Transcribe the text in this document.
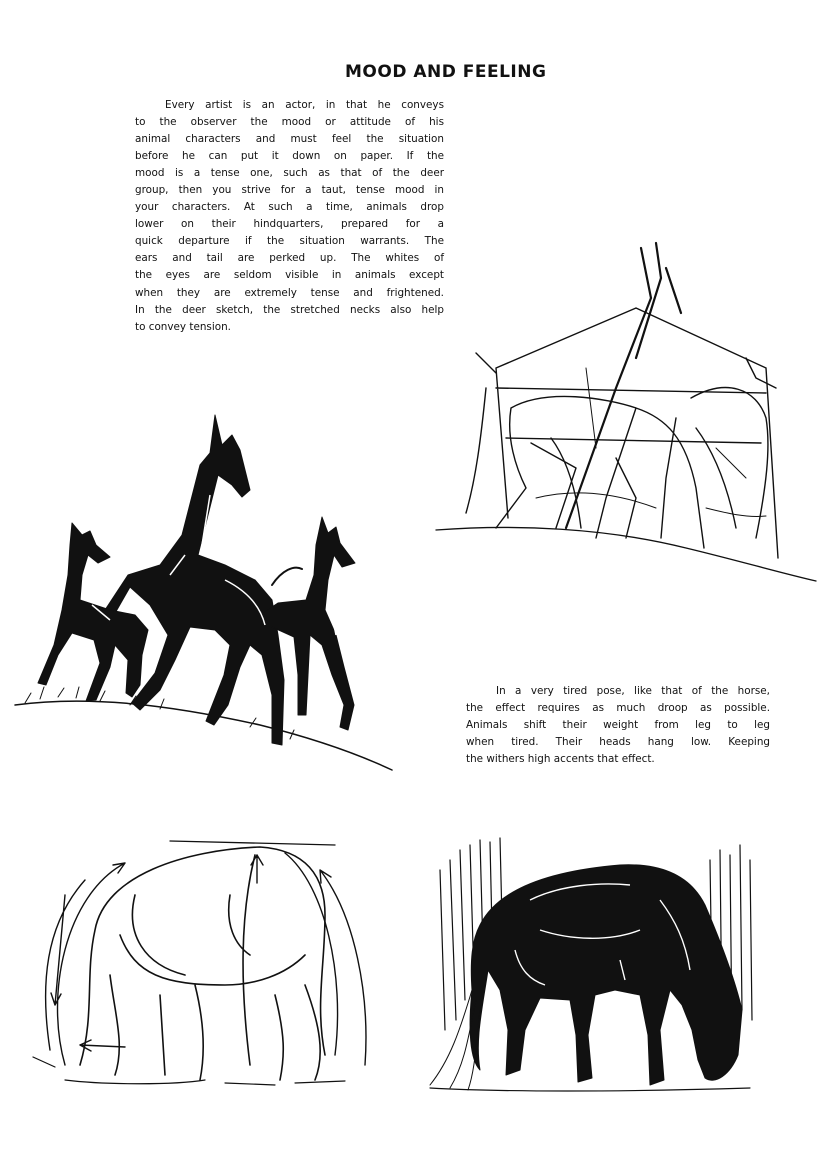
MOOD AND FEELING
Every artist is an actor, in that he conveys
to the observer the mood or attitude of his
animal characters and must feel the situation
before he can put it down on paper. If the
mood is a tense one, such as that of the deer
group, then you strive for a taut, tense mood in
your characters. At such a time, animals drop
lower on their hindquarters, prepared for a
quick departure if the situation warrants. The
ears and tail are perked up. The whites of
the eyes are seldom visible in animals except
when they are extremely tense and frightened.
In the deer sketch, the stretched necks also help
to convey tension.
In a very tired pose, like that of the horse,
the effect requires as much droop as possible.
Animals shift their weight from leg to leg
when tired. Their heads hang low. Keeping
the withers high accents that effect.
